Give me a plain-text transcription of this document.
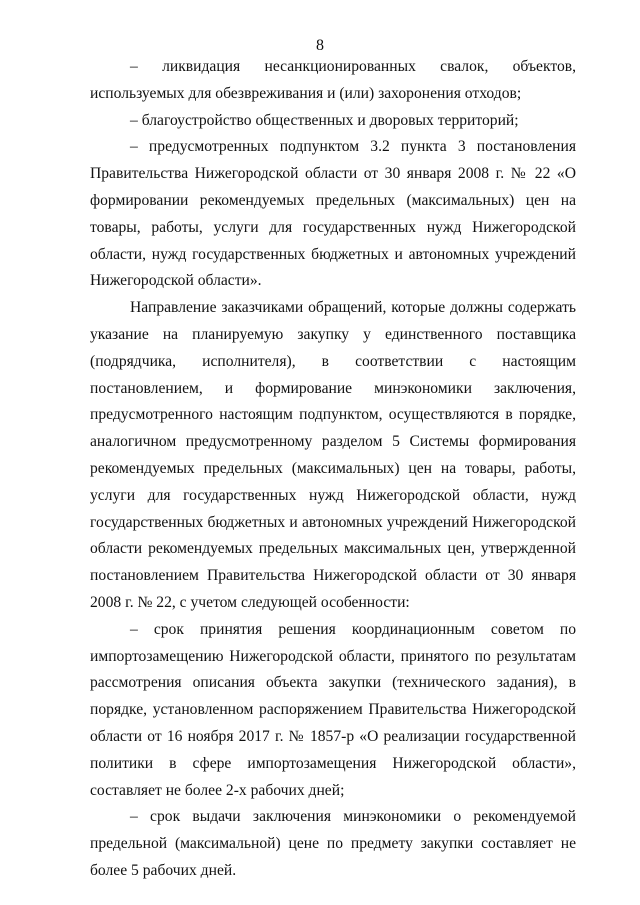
8

– ликвидация несанкционированных свалок, объектов, используемых для обезвреживания и (или) захоронения отходов;

– благоустройство общественных и дворовых территорий;

– предусмотренных подпунктом 3.2 пункта 3 постановления Правительства Нижегородской области от 30 января 2008 г. № 22 «О формировании рекомендуемых предельных (максимальных) цен на товары, работы, услуги для государственных нужд Нижегородской области, нужд государственных бюджетных и автономных учреждений Нижегородской области».

Направление заказчиками обращений, которые должны содержать указание на планируемую закупку у единственного поставщика (подрядчика, исполнителя), в соответствии с настоящим постановлением, и формирование минэкономики заключения, предусмотренного настоящим подпунктом, осуществляются в порядке, аналогичном предусмотренному разделом 5 Системы формирования рекомендуемых предельных (максимальных) цен на товары, работы, услуги для государственных нужд Нижегородской области, нужд государственных бюджетных и автономных учреждений Нижегородской области рекомендуемых предельных максимальных цен, утвержденной постановлением Правительства Нижегородской области от 30 января 2008 г. № 22, с учетом следующей особенности:

– срок принятия решения координационным советом по импортозамещению Нижегородской области, принятого по результатам рассмотрения описания объекта закупки (технического задания), в порядке, установленном распоряжением Правительства Нижегородской области от 16 ноября 2017 г. № 1857-р «О реализации государственной политики в сфере импортозамещения Нижегородской области», составляет не более 2-х рабочих дней;

– срок выдачи заключения минэкономики о рекомендуемой предельной (максимальной) цене по предмету закупки составляет не более 5 рабочих дней.
